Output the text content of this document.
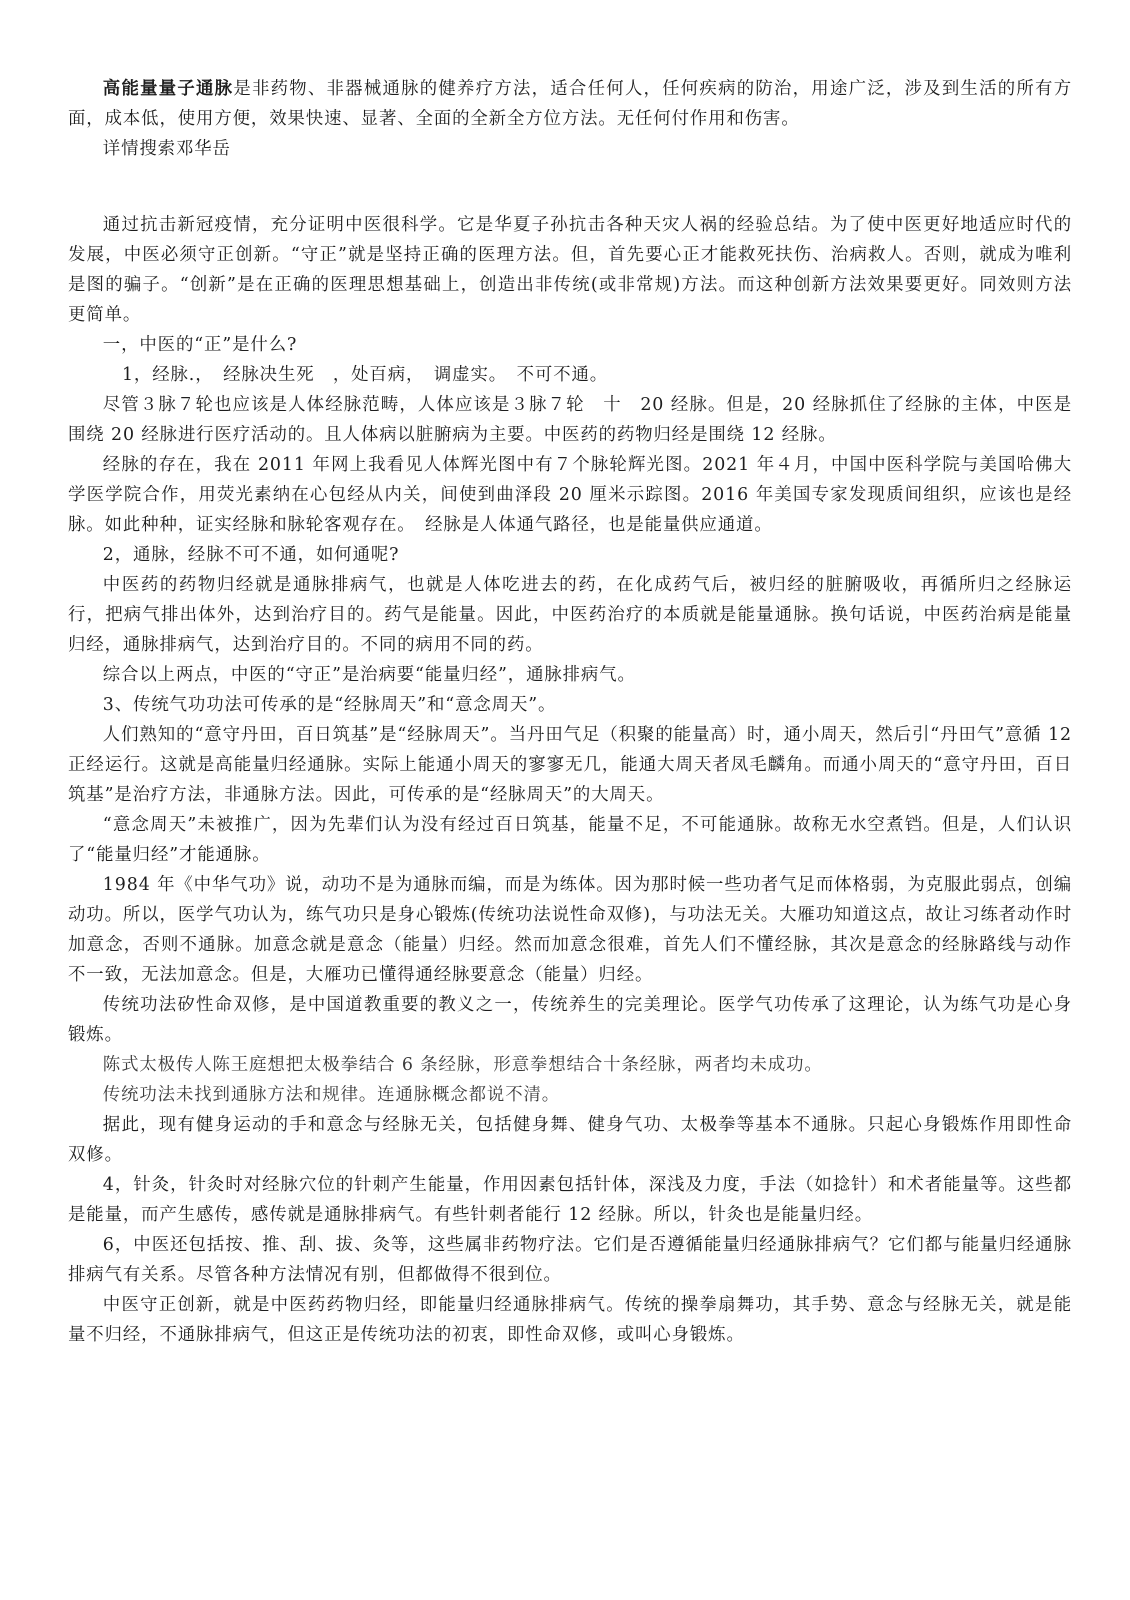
高能量量子通脉是非药物、非器械通脉的健养疗方法，适合任何人，任何疾病的防治，用途广泛，涉及到生活的所有方面，成本低，使用方便，效果快速、显著、全面的全新全方位方法。无任何付作用和伤害。

详情搜索邓华岳

通过抗击新冠疫情，充分证明中医很科学。它是华夏子孙抗击各种天灾人祸的经验总结。为了使中医更好地适应时代的发展，中医必须守正创新。“守正”就是坚持正确的医理方法。但，首先要心正才能救死扶伤、治病救人。否则，就成为唯利是图的骗子。“创新”是在正确的医理思想基础上，创造出非传统(或非常规)方法。而这种创新方法效果要更好。同效则方法更简单。

一，中医的“正”是什么?

1，经脉.，　经脉决生死　，处百病，　调虚实。　不可不通。

尽管３脉７轮也应该是人体经脉范畴，人体应该是３脉７轮　十　20 经脉。但是，20 经脉抓住了经脉的主体，中医是围绕 20 经脉进行医疗活动的。且人体病以脏腑病为主要。中医药的药物归经是围绕 12 经脉。

经脉的存在，我在 2011 年网上我看见人体辉光图中有７个脉轮辉光图。2021 年４月，中国中医科学院与美国哈佛大学医学院合作，用荧光素纳在心包经从内关，间使到曲泽段 20 厘米示踪图。2016 年美国专家发现质间组织，应该也是经脉。如此种种，证实经脉和脉轮客观存在。　经脉是人体通气路径，也是能量供应通道。

2，通脉，经脉不可不通，如何通呢?

中医药的药物归经就是通脉排病气，也就是人体吃进去的药，在化成药气后，被归经的脏腑吸收，再循所归之经脉运行，把病气排出体外，达到治疗目的。药气是能量。因此，中医药治疗的本质就是能量通脉。换句话说，中医药治病是能量归经，通脉排病气，达到治疗目的。不同的病用不同的药。

综合以上两点，中医的“守正”是治病要“能量归经”，通脉排病气。

3、传统气功功法可传承的是“经脉周天”和“意念周天”。

人们熟知的“意守丹田，百日筑基”是“经脉周天”。当丹田气足（积聚的能量高）时，通小周天，然后引“丹田气”意循 12 正经运行。这就是高能量归经通脉。实际上能通小周天的寥寥无几，能通大周天者凤毛麟角。而通小周天的“意守丹田，百日筑基”是治疗方法，非通脉方法。因此，可传承的是“经脉周天”的大周天。

“意念周天”未被推广，因为先辈们认为没有经过百日筑基，能量不足，不可能通脉。故称无水空煮铛。但是，人们认识了“能量归经”才能通脉。

1984 年《中华气功》说，动功不是为通脉而编，而是为练体。因为那时候一些功者气足而体格弱，为克服此弱点，创编动功。所以，医学气功认为，练气功只是身心锻炼(传统功法说性命双修)，与功法无关。大雁功知道这点，故让习练者动作时加意念，否则不通脉。加意念就是意念（能量）归经。然而加意念很难，首先人们不懂经脉，其次是意念的经脉路线与动作不一致，无法加意念。但是，大雁功已懂得通经脉要意念（能量）归经。

传统功法矽性命双修，是中国道教重要的教义之一，传统养生的完美理论。医学气功传承了这理论，认为练气功是心身锻炼。

陈式太极传人陈王庭想把太极拳结合 6 条经脉，形意拳想结合十条经脉，两者均未成功。

传统功法未找到通脉方法和规律。连通脉概念都说不清。

据此，现有健身运动的手和意念与经脉无关，包括健身舞、健身气功、太极拳等基本不通脉。只起心身锻炼作用即性命双修。

4，针灸，针灸时对经脉穴位的针刺产生能量，作用因素包括针体，深浅及力度，手法（如捻针）和术者能量等。这些都是能量，而产生感传，感传就是通脉排病气。有些针刺者能行 12 经脉。所以，针灸也是能量归经。

6，中医还包括按、推、刮、拔、灸等，这些属非药物疗法。它们是否遵循能量归经通脉排病气？它们都与能量归经通脉排病气有关系。尽管各种方法情况有别，但都做得不很到位。

中医守正创新，就是中医药药物归经，即能量归经通脉排病气。传统的操拳扇舞功，其手势、意念与经脉无关，就是能量不归经，不通脉排病气，但这正是传统功法的初衷，即性命双修，或叫心身锻炼。
